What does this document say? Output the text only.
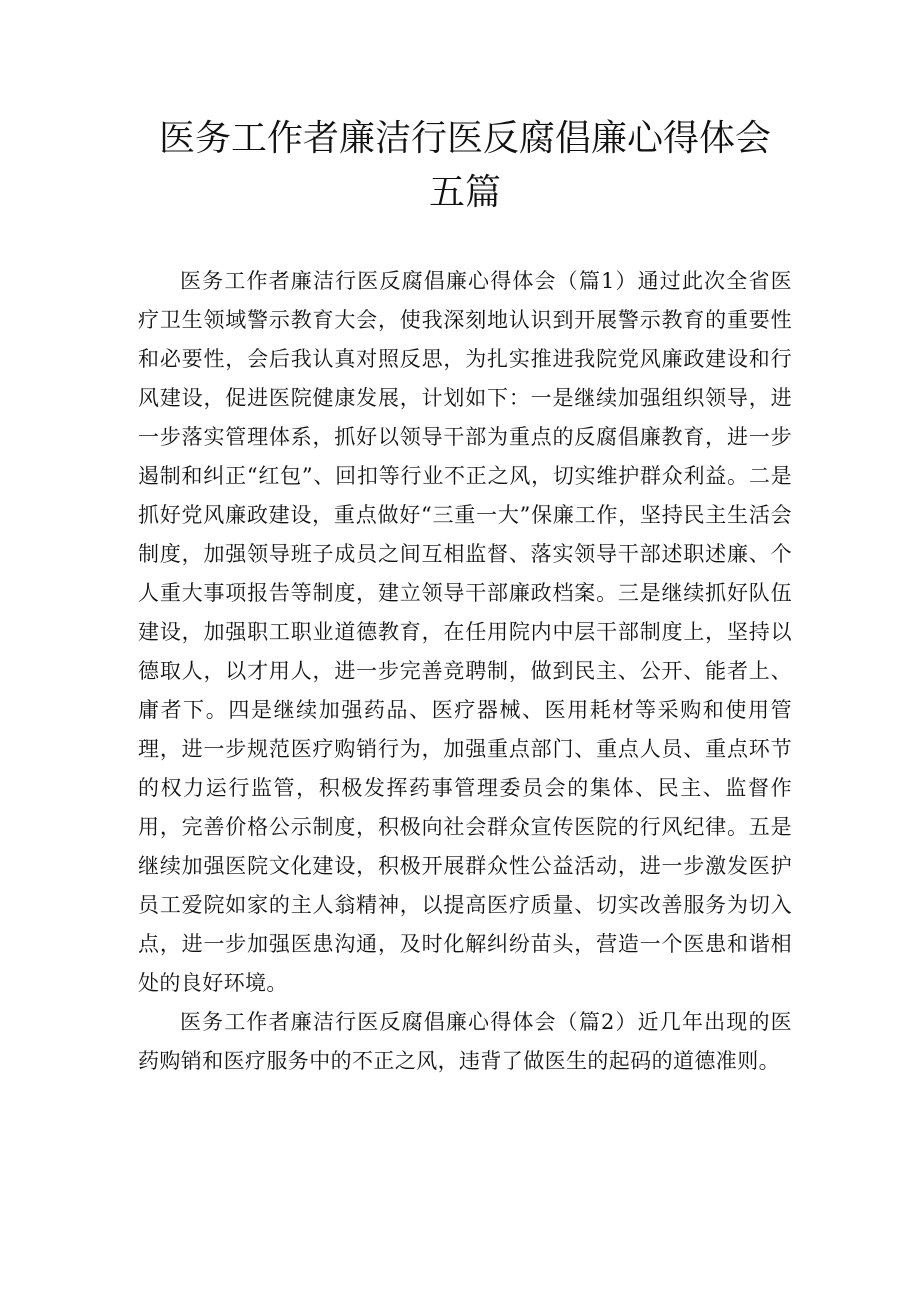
医务工作者廉洁行医反腐倡廉心得体会五篇

医务工作者廉洁行医反腐倡廉心得体会（篇1）通过此次全省医疗卫生领域警示教育大会，使我深刻地认识到开展警示教育的重要性和必要性，会后我认真对照反思，为扎实推进我院党风廉政建设和行风建设，促进医院健康发展，计划如下：一是继续加强组织领导，进一步落实管理体系，抓好以领导干部为重点的反腐倡廉教育，进一步遏制和纠正“红包”、回扣等行业不正之风，切实维护群众利益。二是抓好党风廉政建设，重点做好“三重一大”保廉工作，坚持民主生活会制度，加强领导班子成员之间互相监督、落实领导干部述职述廉、个人重大事项报告等制度，建立领导干部廉政档案。三是继续抓好队伍建设，加强职工职业道德教育，在任用院内中层干部制度上，坚持以德取人，以才用人，进一步完善竞聘制，做到民主、公开、能者上、庸者下。四是继续加强药品、医疗器械、医用耗材等采购和使用管理，进一步规范医疗购销行为，加强重点部门、重点人员、重点环节的权力运行监管，积极发挥药事管理委员会的集体、民主、监督作用，完善价格公示制度，积极向社会群众宣传医院的行风纪律。五是继续加强医院文化建设，积极开展群众性公益活动，进一步激发医护员工爱院如家的主人翁精神，以提高医疗质量、切实改善服务为切入点，进一步加强医患沟通，及时化解纠纷苗头，营造一个医患和谐相处的良好环境。

医务工作者廉洁行医反腐倡廉心得体会（篇2）近几年出现的医药购销和医疗服务中的不正之风，违背了做医生的起码的道德准则。
